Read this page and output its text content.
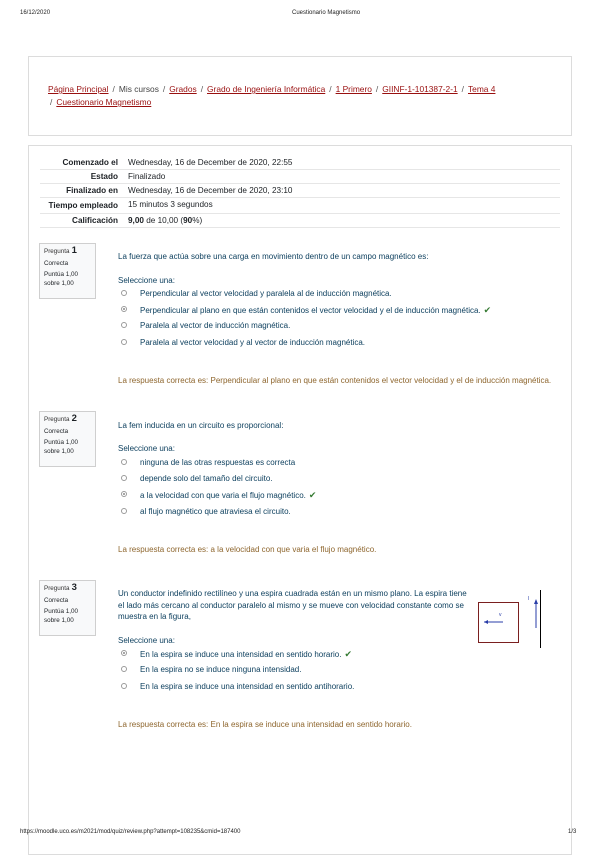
16/12/2020	Cuestionario Magnetismo
Página Principal / Mis cursos / Grados / Grado de Ingeniería Informática / 1 Primero / GIINF-1-101387-2-1 / Tema 4
/ Cuestionario Magnetismo
Comenzado el	Wednesday, 16 de December de 2020, 22:55
Estado	Finalizado
Finalizado en	Wednesday, 16 de December de 2020, 23:10
Tiempo empleado	15 minutos 3 segundos
Calificación	9,00 de 10,00 (90%)
Pregunta 1
Correcta
Puntúa 1,00
sobre 1,00
La fuerza que actúa sobre una carga en movimiento dentro de un campo magnético es:
Seleccione una:
Perpendicular al vector velocidad y paralela al de inducción magnética.
Perpendicular al plano en que están contenidos el vector velocidad y el de inducción magnética. ✔
Paralela al vector de inducción magnética.
Paralela al vector velocidad y al vector de inducción magnética.
La respuesta correcta es: Perpendicular al plano en que están contenidos el vector velocidad y el de inducción magnética.
Pregunta 2
Correcta
Puntúa 1,00
sobre 1,00
La fem inducida en un circuito es proporcional:
Seleccione una:
ninguna de las otras respuestas es correcta
depende solo del tamaño del circuito.
a la velocidad con que varia el flujo magnético. ✔
al flujo magnético que atraviesa el circuito.
La respuesta correcta es: a la velocidad con que varia el flujo magnético.
Pregunta 3
Correcta
Puntúa 1,00
sobre 1,00
Un conductor indefinido rectilíneo y una espira cuadrada están en un mismo plano. La espira tiene
el lado más cercano al conductor paralelo al mismo y se mueve con velocidad constante como se
muestra en la figura,	v
I
Seleccione una:
En la espira se induce una intensidad en sentido horario. ✔
En la espira no se induce ninguna intensidad.
En la espira se induce una intensidad en sentido antihorario.
La respuesta correcta es: En la espira se induce una intensidad en sentido horario.
https://moodle.uco.es/m2021/mod/quiz/review.php?attempt=108235&cmid=187400	1/3
